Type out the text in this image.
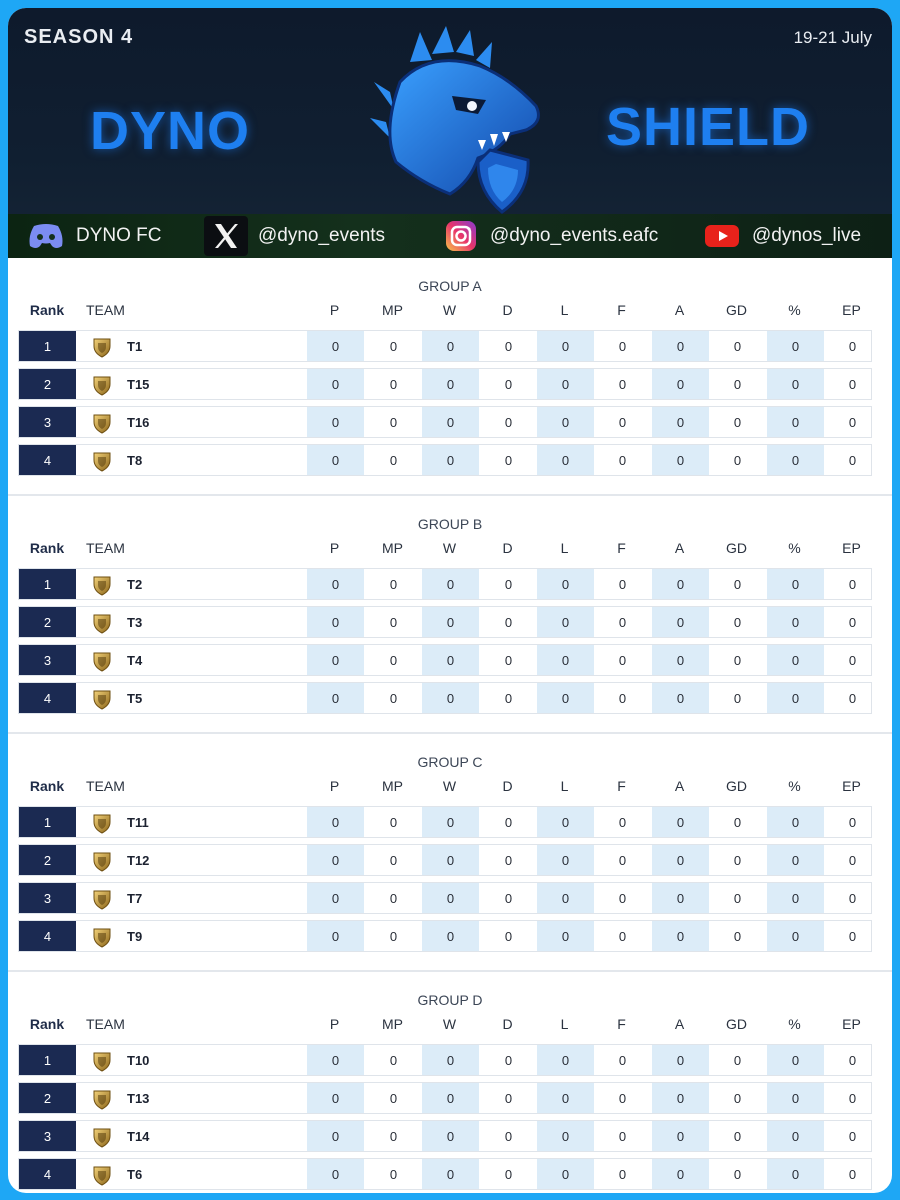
SEASON 4	19-21 July
DYNO	SHIELD
DYNO FC	@dyno_events	@dyno_events.eafc	@dynos_live
GROUP A
Rank	TEAM	P	MP	W	D	L	F	A	GD	%	EP
1	T1	0	0	0	0	0	0	0	0	0	0
2	T15	0	0	0	0	0	0	0	0	0	0
3	T16	0	0	0	0	0	0	0	0	0	0
4	T8	0	0	0	0	0	0	0	0	0	0
GROUP B
Rank	TEAM	P	MP	W	D	L	F	A	GD	%	EP
1	T2	0	0	0	0	0	0	0	0	0	0
2	T3	0	0	0	0	0	0	0	0	0	0
3	T4	0	0	0	0	0	0	0	0	0	0
4	T5	0	0	0	0	0	0	0	0	0	0
GROUP C
Rank	TEAM	P	MP	W	D	L	F	A	GD	%	EP
1	T11	0	0	0	0	0	0	0	0	0	0
2	T12	0	0	0	0	0	0	0	0	0	0
3	T7	0	0	0	0	0	0	0	0	0	0
4	T9	0	0	0	0	0	0	0	0	0	0
GROUP D
Rank	TEAM	P	MP	W	D	L	F	A	GD	%	EP
1	T10	0	0	0	0	0	0	0	0	0	0
2	T13	0	0	0	0	0	0	0	0	0	0
3	T14	0	0	0	0	0	0	0	0	0	0
4	T6	0	0	0	0	0	0	0	0	0	0
